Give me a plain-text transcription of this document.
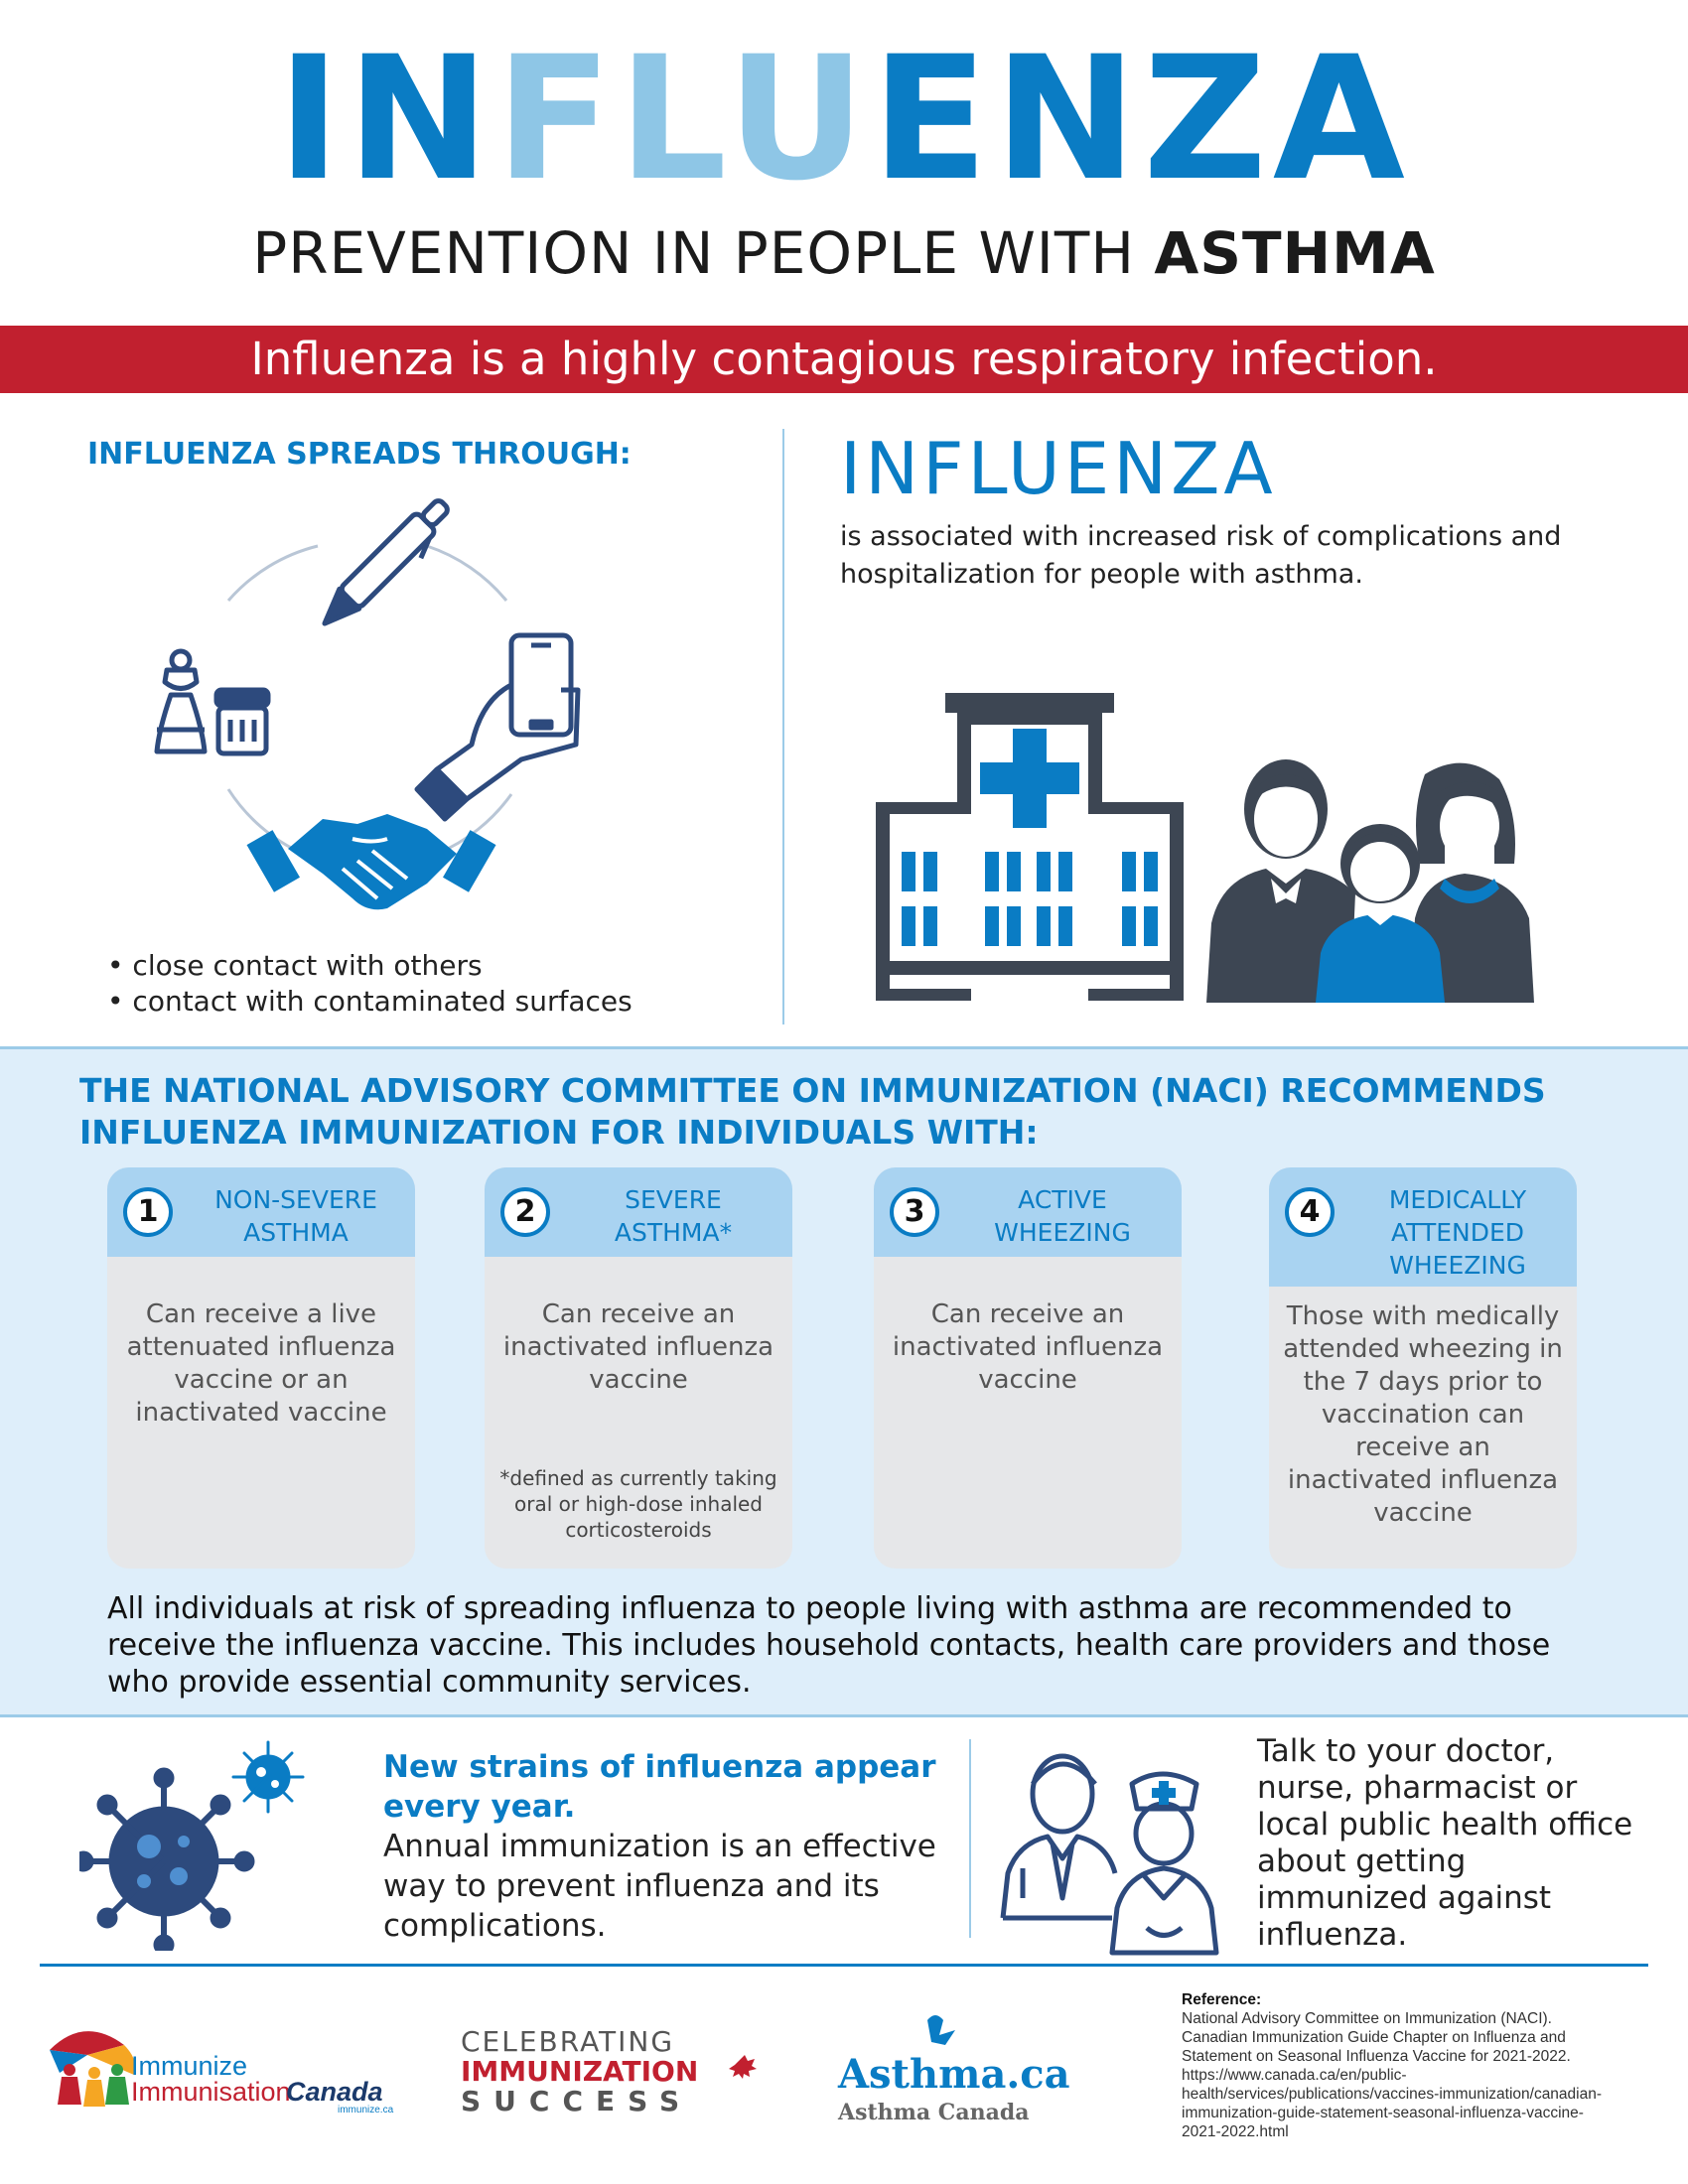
INFLUENZA
PREVENTION IN PEOPLE WITH ASTHMA
Influenza is a highly contagious respiratory infection.
INFLUENZA SPREADS THROUGH:
• close contact with others
• contact with contaminated surfaces
INFLUENZA
is associated with increased risk of complications and hospitalization for people with asthma.
THE NATIONAL ADVISORY COMMITTEE ON IMMUNIZATION (NACI) RECOMMENDS INFLUENZA IMMUNIZATION FOR INDIVIDUALS WITH:
1	NON-SEVERE ASTHMA
Can receive a live attenuated influenza vaccine or an inactivated vaccine
2	SEVERE ASTHMA*
Can receive an inactivated influenza vaccine
*defined as currently taking oral or high-dose inhaled corticosteroids
3	ACTIVE WHEEZING
Can receive an inactivated influenza vaccine
4	MEDICALLY ATTENDED WHEEZING
Those with medically attended wheezing in the 7 days prior to vaccination can receive an inactivated influenza vaccine
All individuals at risk of spreading influenza to people living with asthma are recommended to receive the influenza vaccine. This includes household contacts, health care providers and those who provide essential community services.
New strains of influenza appear every year.
Annual immunization is an effective way to prevent influenza and its complications.
Talk to your doctor, nurse, pharmacist or local public health office about getting immunized against influenza.
Immunize
Immunisation
Canada
immunize.ca
CELEBRATING
IMMUNIZATION
SUCCESS
Asthma.ca
Asthma Canada
Reference:
National Advisory Committee on Immunization (NACI). Canadian Immunization Guide Chapter on Influenza and Statement on Seasonal Influenza Vaccine for 2021-2022. https://www.canada.ca/en/public-health/services/publications/vaccines-immunization/canadian-immunization-guide-statement-seasonal-influenza-vaccine-2021-2022.html
